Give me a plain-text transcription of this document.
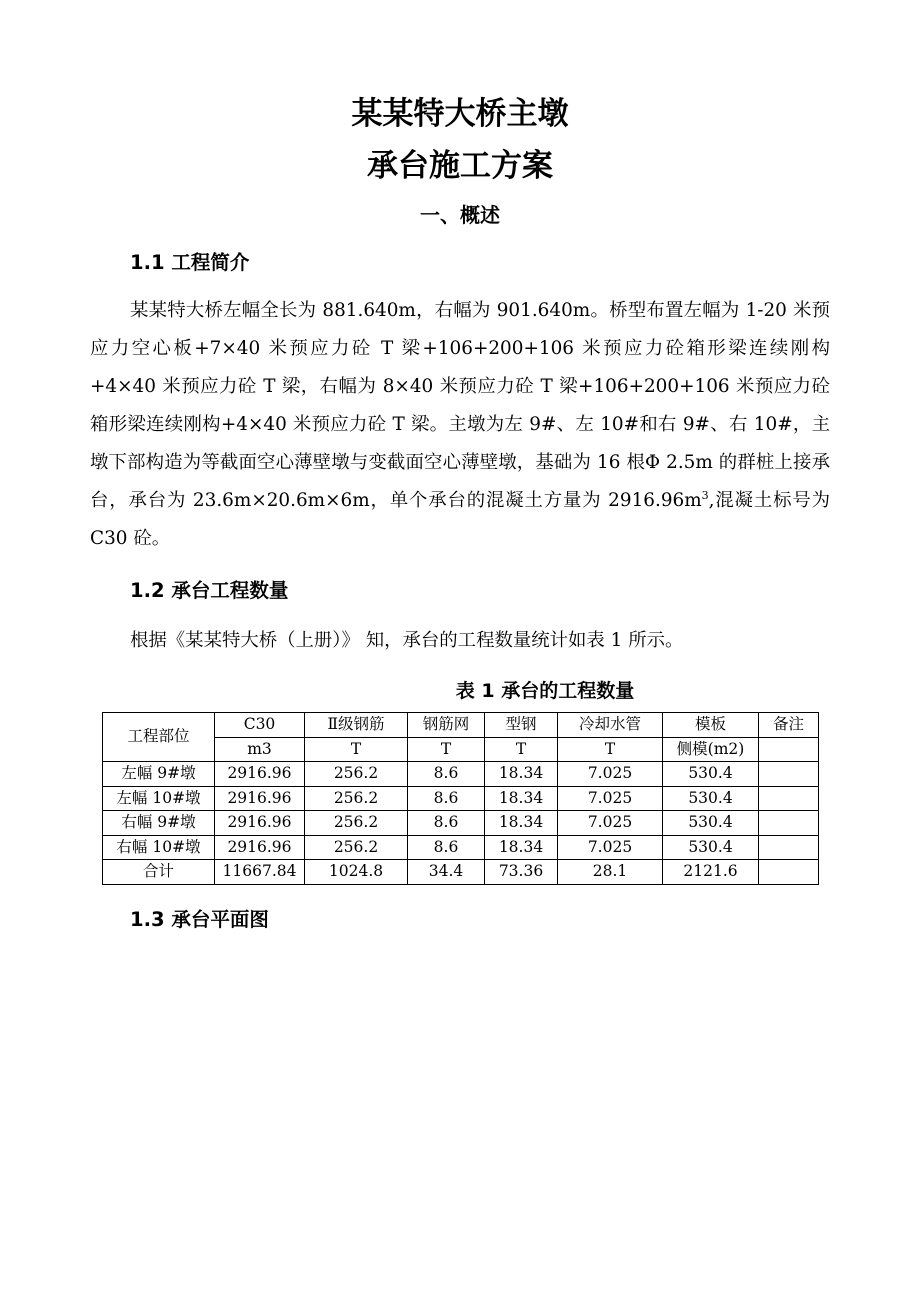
某某特大桥主墩
承台施工方案
一、概述
1.1 工程简介

某某特大桥左幅全长为 881.640m，右幅为 901.640m。桥型布置左幅为 1-20 米预应力空心板+7×40 米预应力砼 T 梁+106+200+106 米预应力砼箱形梁连续刚构+4×40 米预应力砼 T 梁，右幅为 8×40 米预应力砼 T 梁+106+200+106 米预应力砼箱形梁连续刚构+4×40 米预应力砼 T 梁。主墩为左 9#、左 10#和右 9#、右 10#，主墩下部构造为等截面空心薄壁墩与变截面空心薄壁墩，基础为 16 根Φ 2.5m 的群桩上接承台，承台为 23.6m×20.6m×6m，单个承台的混凝土方量为 $2916.96m^3$,混凝土标号为 C30 砼。

1.2 承台工程数量

根据《某某特大桥（上册）》 知，承台的工程数量统计如表 1 所示。

表 1 承台的工程数量
工程部位	C30	Ⅱ级钢筋	钢筋网	型钢	冷却水管	模板	备注
	m3	T	T	T	T	侧模(m2)	
左幅 9#墩	2916.96	256.2	8.6	18.34	7.025	530.4	
左幅 10#墩	2916.96	256.2	8.6	18.34	7.025	530.4	
右幅 9#墩	2916.96	256.2	8.6	18.34	7.025	530.4	
右幅 10#墩	2916.96	256.2	8.6	18.34	7.025	530.4	
合计	11667.84	1024.8	34.4	73.36	28.1	2121.6	
1.3 承台平面图
